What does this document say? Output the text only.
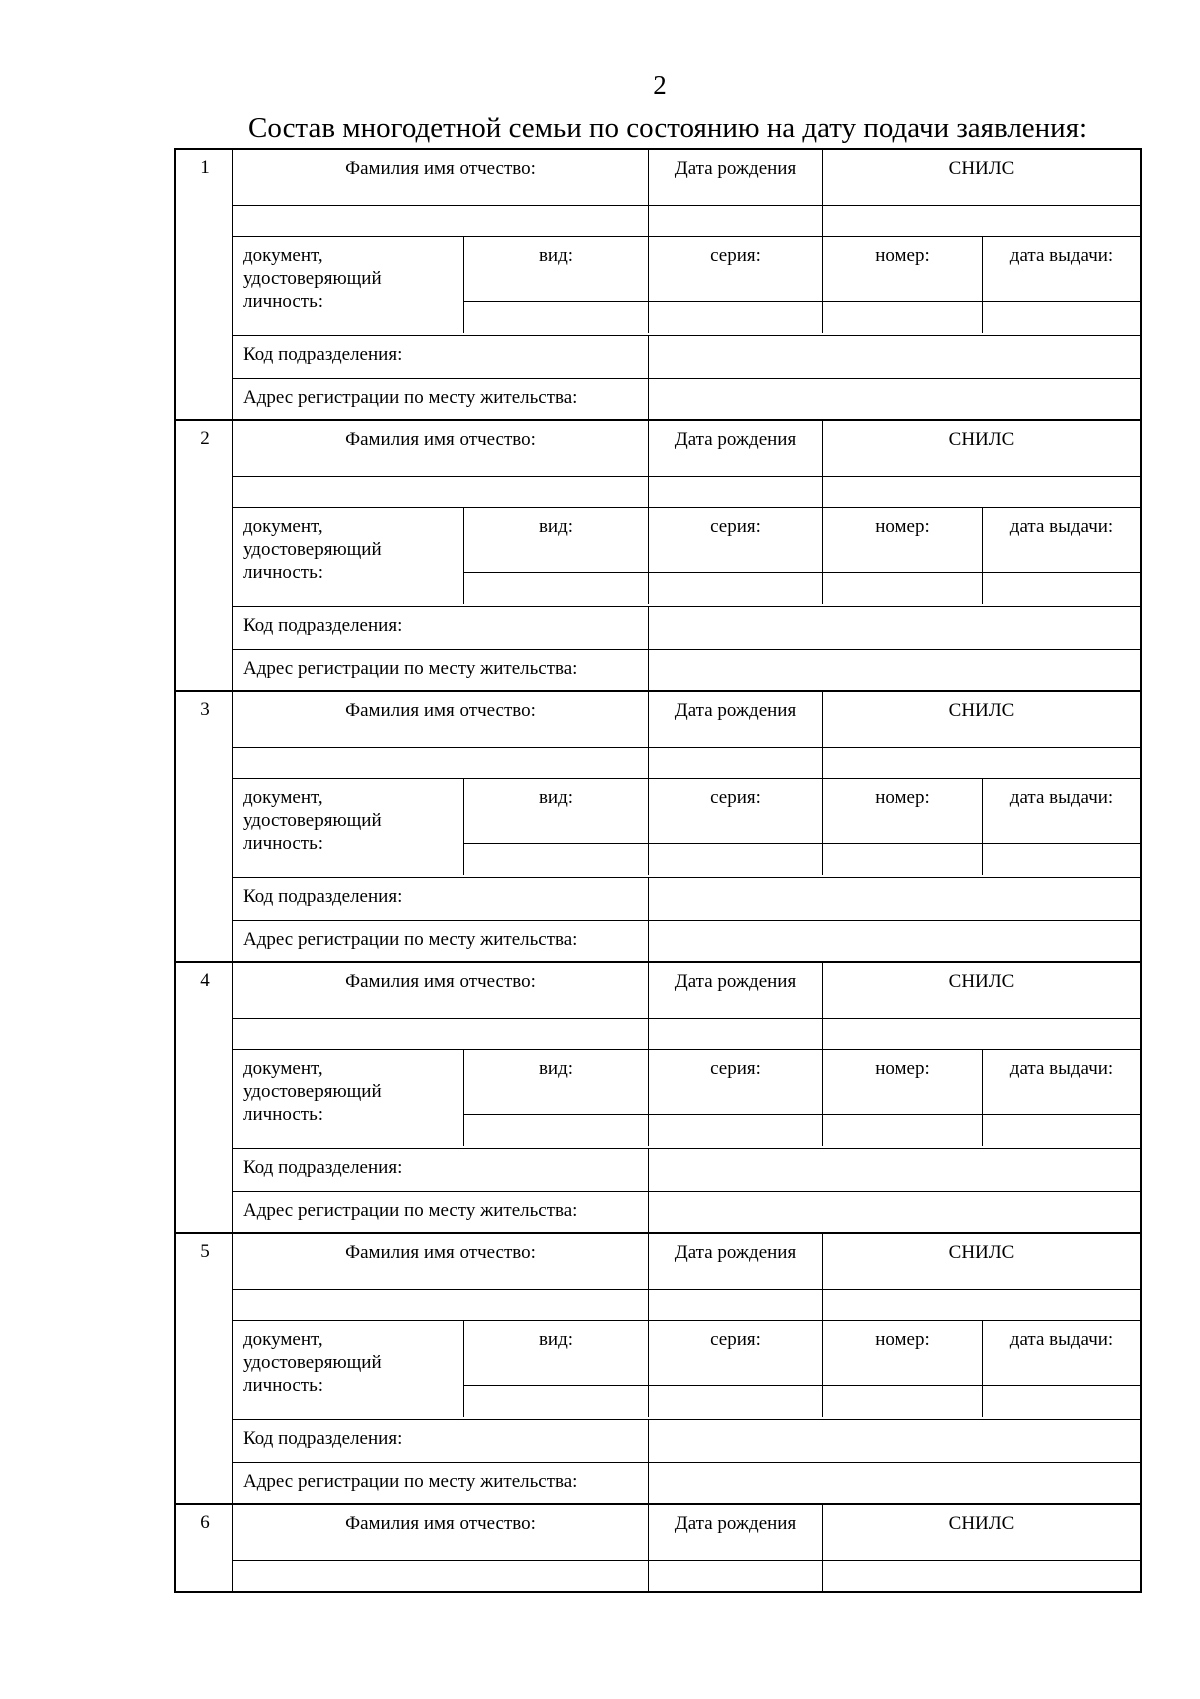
2
Состав многодетной семьи по состоянию на дату подачи заявления:
1	Фамилия имя отчество:	Дата рождения	СНИЛС
документ, удостоверяющий личность:
вид:	серия:	номер:	дата выдачи:
Код подразделения:
Адрес регистрации по месту жительства:
2	Фамилия имя отчество:	Дата рождения	СНИЛС
документ, удостоверяющий личность:
вид:	серия:	номер:	дата выдачи:
Код подразделения:
Адрес регистрации по месту жительства:
3	Фамилия имя отчество:	Дата рождения	СНИЛС
документ, удостоверяющий личность:
вид:	серия:	номер:	дата выдачи:
Код подразделения:
Адрес регистрации по месту жительства:
4	Фамилия имя отчество:	Дата рождения	СНИЛС
документ, удостоверяющий личность:
вид:	серия:	номер:	дата выдачи:
Код подразделения:
Адрес регистрации по месту жительства:
5	Фамилия имя отчество:	Дата рождения	СНИЛС
документ, удостоверяющий личность:
вид:	серия:	номер:	дата выдачи:
Код подразделения:
Адрес регистрации по месту жительства:
6	Фамилия имя отчество:	Дата рождения	СНИЛС
